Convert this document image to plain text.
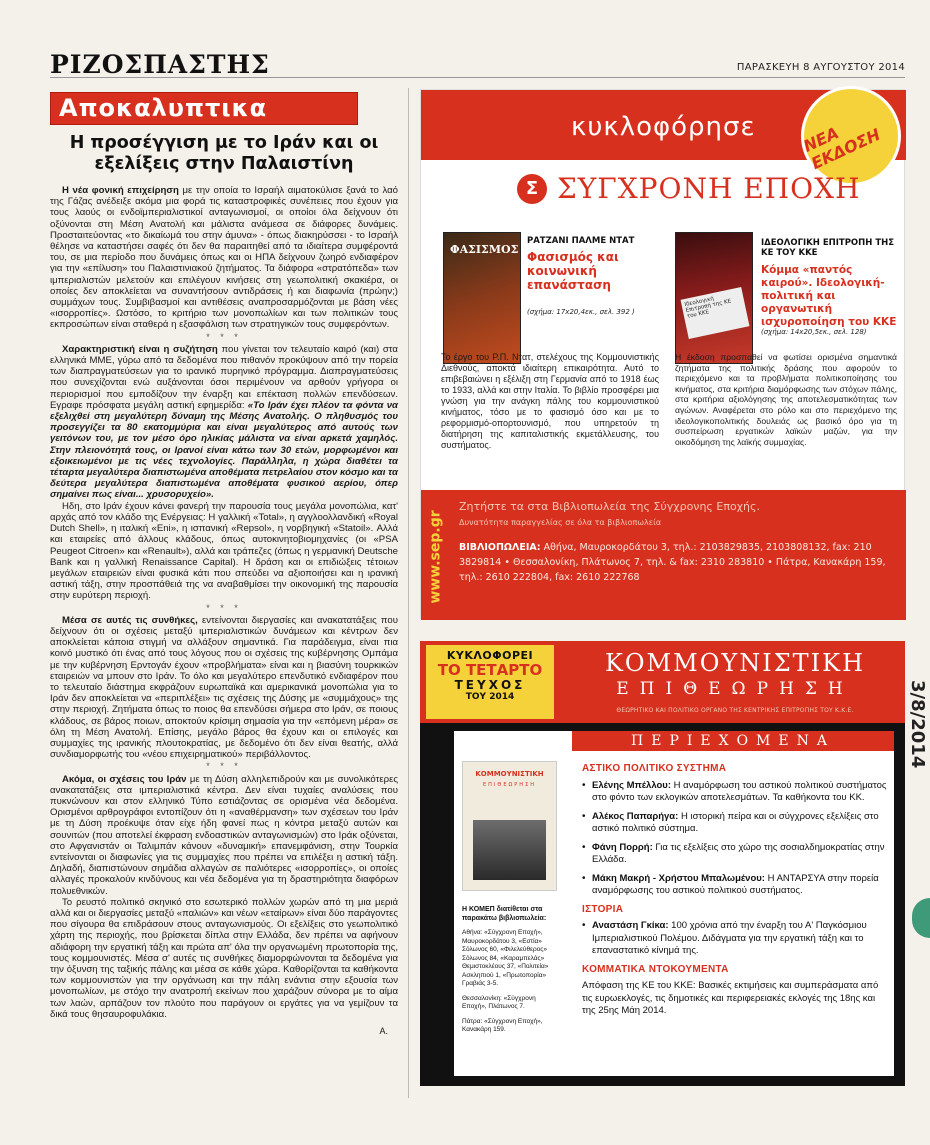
ΡΙΖΟΣΠΑΣΤΗΣ	ΠΑΡΑΣΚΕΥΗ 8 ΑΥΓΟΥΣΤΟΥ 2014
Αποκαλυπτικα
Η προσέγγιση με το Ιράν και οι εξελίξεις στην Παλαιστίνη

Η νέα φονική επιχείρηση με την οποία το Ισραήλ αιματοκύλισε ξανά το λαό της Γάζας ανέδειξε ακόμα μια φορά τις καταστροφικές συνέπειες που έχουν για τους λαούς οι ενδοϊμπεριαλιστικοί ανταγωνισμοί, οι οποίοι όλα δείχνουν ότι οξύνονται στη Μέση Ανατολή και μάλιστα ανάμεσα σε διάφορες δυνάμεις. Προσταιτεύοντας «το δικαίωμά του στην άμυνα» - όπως διακηρύσσει - το Ισραήλ θέλησε να καταστήσει σαφές ότι δεν θα παραιτηθεί από τα ιδιαίτερα συμφέροντά του, σε μια περίοδο που δυνάμεις όπως και οι ΗΠΑ δείχνουν ζωηρό ενδιαφέρον για την «επίλυση» του Παλαιστινιακού ζητήματος. Τα διάφορα «στρατόπεδα» των ιμπεριαλιστών μελετούν και επιλέγουν κινήσεις στη γεωπολιτική σκακιέρα, οι οποίες δεν αποκλείεται να συναντήσουν αντιδράσεις ή και διαφωνία (πρώην;) συμμάχων τους. Συμβιβασμοί και αντιθέσεις αναπροσαρμόζονται με βάση νέες «ισορροπίες». Ωστόσο, το κριτήριο των μονοπωλίων και των πολιτικών τους εκπροσώπων είναι σταθερά η εξασφάλιση των στρατηγικών τους συμφερόντων.

* * *

Χαρακτηριστική είναι η συζήτηση που γίνεται τον τελευταίο καιρό (και) στα ελληνικά ΜΜΕ, γύρω από τα δεδομένα που πιθανόν προκύψουν από την πορεία των διαπραγματεύσεων για το ιρανικό πυρηνικό πρόγραμμα. Διαπραγματεύσεις που συνεχίζονται ενώ αυξάνονται όσοι περιμένουν να αρθούν γρήγορα οι περιορισμοί που εμποδίζουν την έναρξη και επέκταση πολλών επενδύσεων. Εγραφε πρόσφατα μεγάλη αστική εφημερίδα: «Το Ιράν έχει πλέον τα φόντα να εξελιχθεί στη μεγαλύτερη δύναμη της Μέσης Ανατολής. Ο πληθυσμός του προσεγγίζει τα 80 εκατομμύρια και είναι μεγαλύτερος από αυτούς των γειτόνων του, με τον μέσο όρο ηλικίας μάλιστα να είναι αρκετά χαμηλός. Στην πλειονότητά τους, οι Ιρανοί είναι κάτω των 30 ετών, μορφωμένοι και εξοικειωμένοι με τις νέες τεχνολογίες. Παράλληλα, η χώρα διαθέτει τα τέταρτα μεγαλύτερα διαπιστωμένα αποθέματα πετρελαίου στον κόσμο και τα δεύτερα μεγαλύτερα διαπιστωμένα αποθέματα φυσικού αερίου, όπερ σημαίνει πως είναι... χρυσορυχείο».

Ηδη, στο Ιράν έχουν κάνει φανερή την παρουσία τους μεγάλα μονοπώλια, κατ' αρχάς από τον κλάδο της Ενέργειας: Η γαλλική «Total», η αγγλοολλανδική «Royal Dutch Shell», η ιταλική «Eni», η ισπανική «Repsol», η νορβηγική «Statoil». Αλλά και εταιρείες από άλλους κλάδους, όπως αυτοκινητοβιομηχανίες (οι «PSA Peugeot Citroen» και «Renault»), αλλά και τράπεζες (όπως η γερμανική Deutsche Bank και η γαλλική Renaissance Capital). Η δράση και οι επιδιώξεις τέτοιων μεγάλων εταιρειών είναι φυσικά κάτι που σπεύδει να αξιοποιήσει και η ιρανική αστική τάξη, στην προσπάθειά της να αναβαθμίσει την οικονομική της παρουσία στην ευρύτερη περιοχή.

* * *

Μέσα σε αυτές τις συνθήκες, εντείνονται διεργασίες και ανακατατάξεις που δείχνουν ότι οι σχέσεις μεταξύ ιμπεριαλιστικών δυνάμεων και κέντρων δεν αποκλείεται κάποια στιγμή να αλλάξουν σημαντικά. Για παράδειγμα, είναι πια κοινό μυστικό ότι ένας από τους λόγους που οι σχέσεις της κυβέρνησης Ομπάμα με την κυβέρνηση Ερντογάν έχουν «προβλήματα» είναι και η βιασύνη τουρκικών εταιρειών να μπουν στο Ιράν. Το όλο και μεγαλύτερο επενδυτικό ενδιαφέρον που το τελευταίο διάστημα εκφράζουν ευρωπαϊκά και αμερικανικά μονοπώλια για το Ιράν δεν αποκλείεται να «περιπλέξει» τις σχέσεις της Δύσης με «συμμάχους» της στην περιοχή. Ζητήματα όπως το ποιος θα επενδύσει σήμερα στο Ιράν, σε ποιους κλάδους, σε βάρος ποιων, αποκτούν κρίσιμη σημασία για την «επόμενη μέρα» σε όλη τη Μέση Ανατολή. Επίσης, μεγάλο βάρος θα έχουν και οι επιλογές και συμμαχίες της ιρανικής πλουτοκρατίας, με δεδομένο ότι δεν είναι θεατής, αλλά συνδιαμορφωτής του «νέου επιχειρηματικού» περιβάλλοντος.

* * *

Ακόμα, οι σχέσεις του Ιράν με τη Δύση αλληλεπιδρούν και με συνολικότερες ανακατατάξεις στα ιμπεριαλιστικά κέντρα. Δεν είναι τυχαίες αναλύσεις που πυκνώνουν και στον ελληνικό Τύπο εστιάζοντας σε ορισμένα νέα δεδομένα. Ορισμένοι αρθρογράφοι εντοπίζουν ότι η «αναθέρμανση» των σχέσεων του Ιράν με τη Δύση προέκυψε όταν είχε ήδη φανεί πως η κόντρα μεταξύ αυτών και σουνιτών (που αποτελεί έκφραση ενδοαστικών ανταγωνισμών) στο Ιράκ οξύνεται, στο Αφγανιστάν οι Ταλιμπάν κάνουν «δυναμική» επανεμφάνιση, στην Τουρκία εντείνονται οι διαφωνίες για τις συμμαχίες που πρέπει να επιλέξει η αστική τάξη. Δηλαδή, διαπιστώνουν σημάδια αλλαγών σε παλιότερες «ισορροπίες», οι οποίες αλλαγές προκαλούν κινδύνους και νέα δεδομένα για τη δραστηριότητα διαφόρων πολυεθνικών.

Το ρευστό πολιτικό σκηνικό στο εσωτερικό πολλών χωρών από τη μια μεριά αλλά και οι διεργασίες μεταξύ «παλιών» και νέων «εταίρων» είναι δύο παράγοντες που σίγουρα θα επιδράσουν στους ανταγωνισμούς. Οι εξελίξεις στο γεωπολιτικό χάρτη της περιοχής, που βρίσκεται δίπλα στην Ελλάδα, δεν πρέπει να αφήνουν αδιάφορη την εργατική τάξη και πρώτα απ' όλα την οργανωμένη πρωτοπορία της, τους κομμουνιστές. Μέσα σ' αυτές τις συνθήκες διαμορφώνονται τα δεδομένα για την όξυνση της ταξικής πάλης και μέσα σε κάθε χώρα. Καθορίζονται τα καθήκοντα των κομμουνιστών για την οργάνωση και την πάλη ενάντια στην εξουσία των μονοπωλίων, με στόχο την ανατροπή εκείνων που χαράζουν σύνορα με το αίμα των λαών, αρπάζουν τον πλούτο που παράγουν οι εργάτες για να γεμίζουν τα δικά τους θησαυροφυλάκια.

Α.
κυκλοφόρησε	ΝΕΑ ΕΚΔΟΣΗ
Σ ΣΥΓΧΡΟΝΗ ΕΠΟΧΗ
ΦΑΣΙΣΜΟΣ
ΡΑΤΖΑΝΙ ΠΑΛΜΕ ΝΤΑΤ
Φασισμός και κοινωνική επανάσταση
(σχήμα: 17x20,4εκ., σελ. 392 )
Το έργο του Ρ.Π. Ντατ, στελέχους της Κομμουνιστικής Διεθνούς, αποκτά ιδιαίτερη επικαιρότητα. Αυτό το επιβεβαιώνει η εξέλιξη στη Γερμανία από το 1918 έως το 1933, αλλά και στην Ιταλία. Το βιβλίο προσφέρει μια γνώση για την ανάγκη πάλης του κομμουνιστικού κινήματος, τόσο με το φασισμό όσο και με το ρεφορμισμό-οπορτουνισμό, που υπηρετούν τη διατήρηση της καπιταλιστικής εκμετάλλευσης, του συστήματος.
Ιδεολογική Επιτροπή της ΚΕ του ΚΚΕ
ΙΔΕΟΛΟΓΙΚΗ ΕΠΙΤΡΟΠΗ ΤΗΣ ΚΕ ΤΟΥ ΚΚΕ
Κόμμα «παντός καιρού». Ιδεολογική-πολιτική και οργανωτική ισχυροποίηση του ΚΚΕ
(σχήμα: 14x20,5εκ., σελ. 128)
Η έκδοση προσπαθεί να φωτίσει ορισμένα σημαντικά ζητήματα της πολιτικής δράσης που αφορούν το περιεχόμενο και τα προβλήματα πολιτικοποίησης του κινήματος, στα κριτήρια διαμόρφωσης των στόχων πάλης, στα κριτήρια αξιολόγησης της αποτελεσματικότητας των αγώνων. Αναφέρεται στο ρόλο και στο περιεχόμενο της ιδεολογικοπολιτικής δουλειάς ως βασικό όρο για τη συσπείρωση εργατικών λαϊκών μαζών, για την οικοδόμηση της λαϊκής συμμαχίας.
www.sep.gr
Ζητήστε τα στα Βιβλιοπωλεία της Σύγχρονης Εποχής.
Δυνατότητα παραγγελίας σε όλα τα βιβλιοπωλεία
ΒΙΒΛΙΟΠΩΛΕΙΑ: Αθήνα, Μαυροκορδάτου 3, τηλ.: 2103829835, 2103808132, fax: 210 3829814 • Θεσσαλονίκη, Πλάτωνος 7, τηλ. & fax: 2310 283810 • Πάτρα, Κανακάρη 159, τηλ.: 2610 222804, fax: 2610 222768
ΚΥΚΛΟΦΟΡΕΙ
ΤΟ ΤΕΤΑΡΤΟ
ΤΕΥΧΟΣ
ΤΟΥ 2014
ΚΟΜΜΟΥΝΙΣΤΙΚΗ
ΕΠΙΘΕΩΡΗΣΗ
ΘΕΩΡΗΤΙΚΟ ΚΑΙ ΠΟΛΙΤΙΚΟ ΟΡΓΑΝΟ ΤΗΣ ΚΕΝΤΡΙΚΗΣ ΕΠΙΤΡΟΠΗΣ ΤΟΥ Κ.Κ.Ε.
ΠΕΡΙΕΧΟΜΕΝΑ
ΚΟΜΜΟΥΝΙΣΤΙΚΗ
ΕΠΙΘΕΩΡΗΣΗ
Η ΚΟΜΕΠ διατίθεται στα παρακάτω βιβλιοπωλεία:

Αθήνα: «Σύγχρονη Εποχή», Μαυροκορδάτου 3, «Εστία» Σόλωνος 60, «Φιλελεύθερος» Σόλωνος 84, «Καραμπελάς» Θεμιστοκλέους 37, «Πολιτεία» Ασκληπιού 1, «Πρωτοπορία» Γραβιάς 3-5.

Θεσσαλονίκη: «Σύγχρονη Εποχή», Πλάτωνος 7.

Πάτρα: «Σύγχρονη Εποχή», Κανακάρη 159.

ΑΣΤΙΚΟ ΠΟΛΙΤΙΚΟ ΣΥΣΤΗΜΑ
• Ελένης Μπέλλου: Η αναμόρφωση του αστικού πολιτικού συστήματος στο φόντο των εκλογικών αποτελεσμάτων. Τα καθήκοντα του ΚΚ.
• Αλέκος Παπαρήγα: Η ιστορική πείρα και οι σύγχρονες εξελίξεις στο αστικό πολιτικό σύστημα.
• Φάνη Πορρή: Για τις εξελίξεις στο χώρο της σοσιαλδημοκρατίας στην Ελλάδα.
• Μάκη Μακρή - Χρήστου Μπαλωμένου: Η ΑΝΤΑΡΣΥΑ στην πορεία αναμόρφωσης του αστικού πολιτικού συστήματος.
ΙΣΤΟΡΙΑ
• Αναστάση Γκίκα: 100 χρόνια από την έναρξη του Α' Παγκόσμιου Ιμπεριαλιστικού Πολέμου. Διδάγματα για την εργατική τάξη και το επαναστατικό κίνημά της.
ΚΟΜΜΑΤΙΚΑ ΝΤΟΚΟΥΜΕΝΤΑ
Απόφαση της ΚΕ του ΚΚΕ: Βασικές εκτιμήσεις και συμπεράσματα από τις ευρωεκλογές, τις δημοτικές και περιφερειακές εκλογές της 18ης και της 25ης Μάη 2014.
3/8/2014
